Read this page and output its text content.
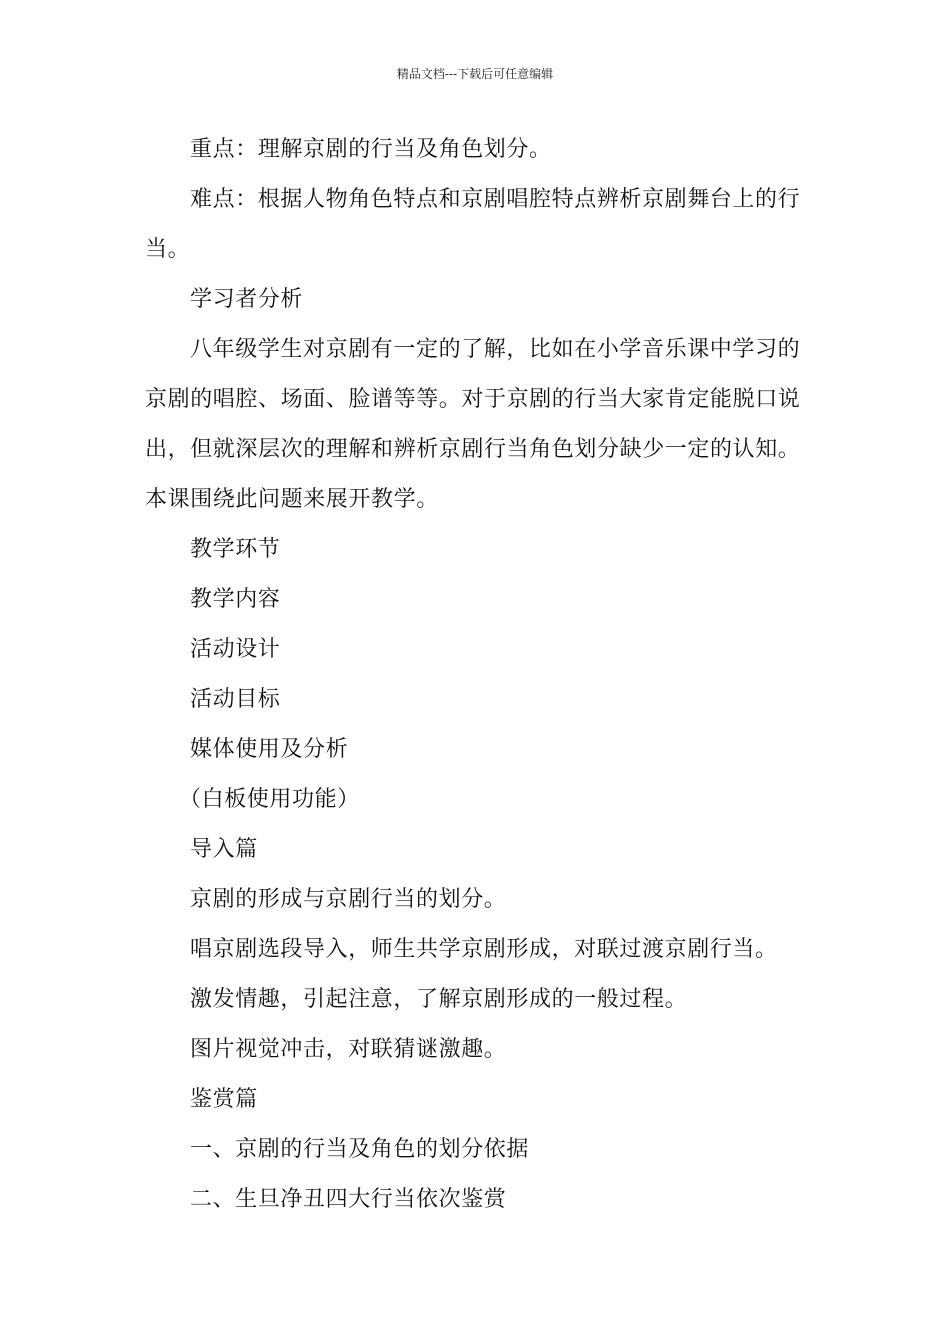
精品文档---下载后可任意编辑
重点：理解京剧的行当及角色划分。
难点：根据人物角色特点和京剧唱腔特点辨析京剧舞台上的行
当。
学习者分析
八年级学生对京剧有一定的了解，比如在小学音乐课中学习的
京剧的唱腔、场面、脸谱等等。对于京剧的行当大家肯定能脱口说
出，但就深层次的理解和辨析京剧行当角色划分缺少一定的认知。
本课围绕此问题来展开教学。
教学环节
教学内容
活动设计
活动目标
媒体使用及分析
（白板使用功能）
导入篇
京剧的形成与京剧行当的划分。
唱京剧选段导入，师生共学京剧形成，对联过渡京剧行当。
激发情趣，引起注意，了解京剧形成的一般过程。
图片视觉冲击，对联猜谜激趣。
鉴赏篇
一、京剧的行当及角色的划分依据
二、生旦净丑四大行当依次鉴赏
